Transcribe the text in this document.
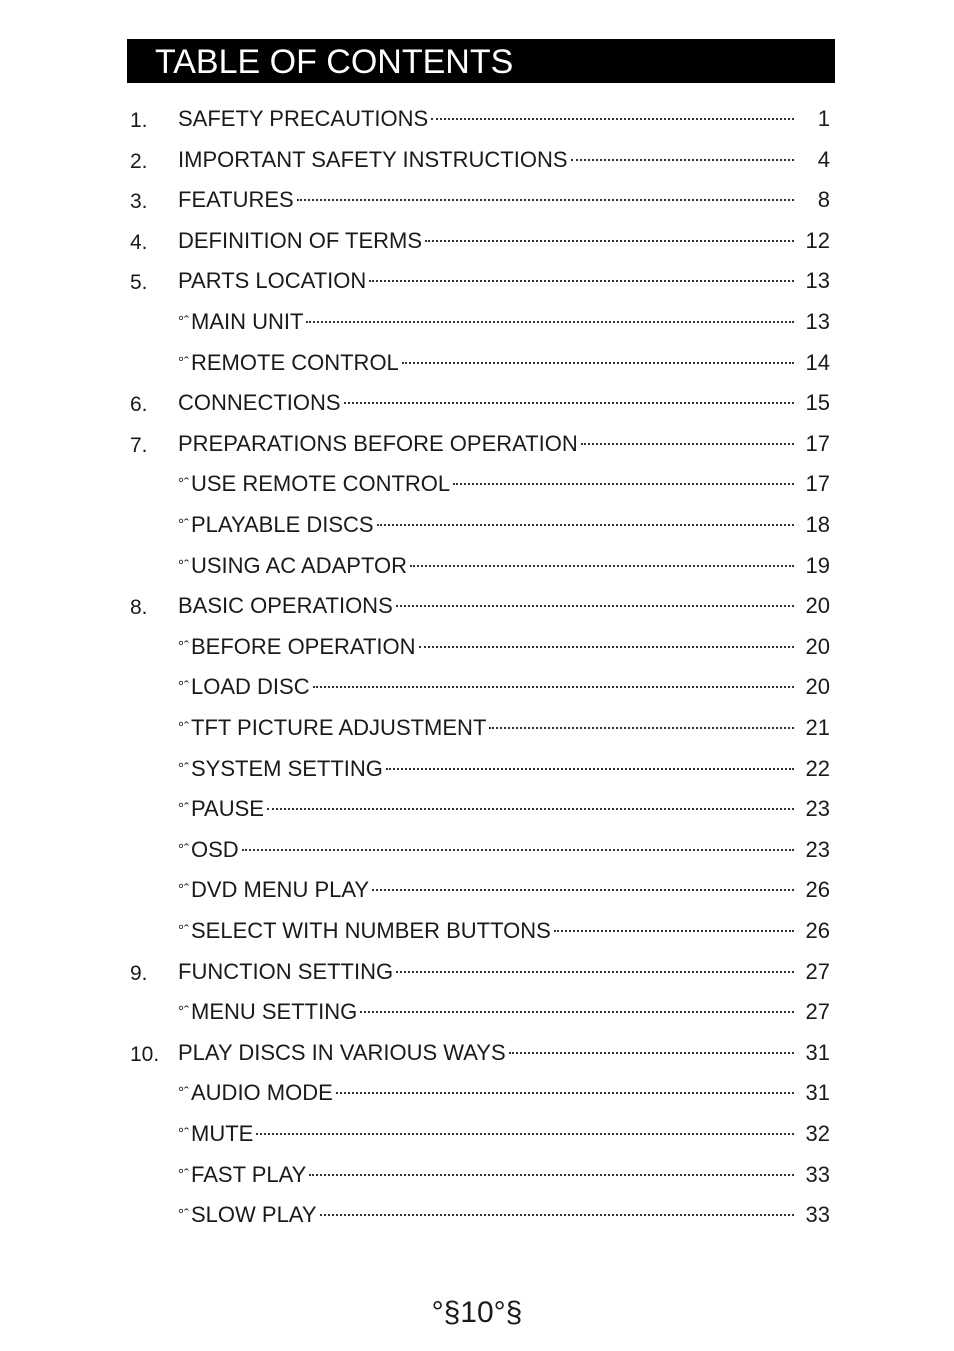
TABLE OF CONTENTS
1. SAFETY PRECAUTIONS	1
2. IMPORTANT SAFETY INSTRUCTIONS	4
3. FEATURES	8
4. DEFINITION OF TERMS	12
5. PARTS LOCATION	13
°ˆ MAIN UNIT	13
°ˆ REMOTE CONTROL	14
6. CONNECTIONS	15
7. PREPARATIONS BEFORE OPERATION	17
°ˆ USE REMOTE CONTROL	17
°ˆ PLAYABLE DISCS	18
°ˆ USING AC ADAPTOR	19
8. BASIC OPERATIONS	20
°ˆ BEFORE OPERATION	20
°ˆ LOAD DISC	20
°ˆ TFT PICTURE ADJUSTMENT	21
°ˆ SYSTEM SETTING	22
°ˆ PAUSE	23
°ˆ OSD	23
°ˆ DVD MENU PLAY	26
°ˆ SELECT WITH NUMBER BUTTONS	26
9. FUNCTION SETTING	27
°ˆ MENU SETTING	27
10. PLAY DISCS IN VARIOUS WAYS	31
°ˆ AUDIO MODE	31
°ˆ MUTE	32
°ˆ FAST PLAY	33
°ˆ SLOW PLAY	33
°§10°§
